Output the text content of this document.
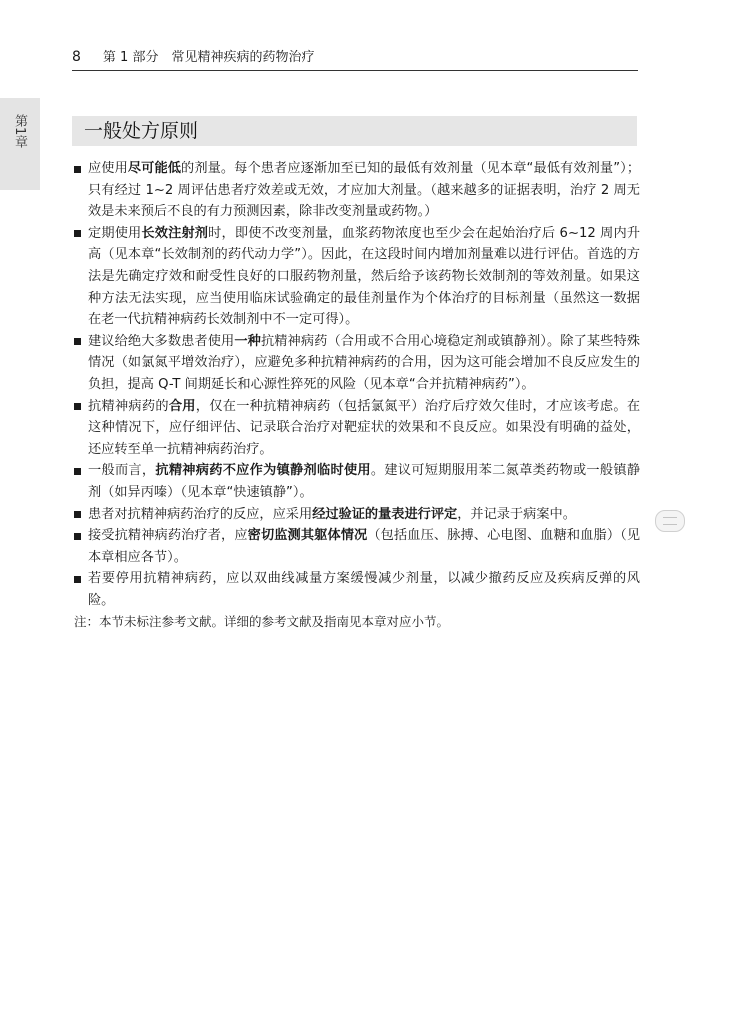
8 第 1 部分　常见精神疾病的药物治疗
第1章	一般处方原则
应使用尽可能低的剂量。每个患者应逐渐加至已知的最低有效剂量（见本章“最低有效剂量”）；只有经过 1~2 周评估患者疗效差或无效，才应加大剂量。（越来越多的证据表明，治疗 2 周无效是未来预后不良的有力预测因素，除非改变剂量或药物。）
定期使用长效注射剂时，即使不改变剂量，血浆药物浓度也至少会在起始治疗后 6~12 周内升高（见本章“长效制剂的药代动力学”）。因此，在这段时间内增加剂量难以进行评估。首选的方法是先确定疗效和耐受性良好的口服药物剂量，然后给予该药物长效制剂的等效剂量。如果这种方法无法实现，应当使用临床试验确定的最佳剂量作为个体治疗的目标剂量（虽然这一数据在老一代抗精神病药长效制剂中不一定可得）。
建议给绝大多数患者使用一种抗精神病药（合用或不合用心境稳定剂或镇静剂）。除了某些特殊情况（如氯氮平增效治疗），应避免多种抗精神病药的合用，因为这可能会增加不良反应发生的负担，提高 Q-T 间期延长和心源性猝死的风险（见本章“合并抗精神病药”）。
抗精神病药的合用，仅在一种抗精神病药（包括氯氮平）治疗后疗效欠佳时，才应该考虑。在这种情况下，应仔细评估、记录联合治疗对靶症状的效果和不良反应。如果没有明确的益处，还应转至单一抗精神病药治疗。
一般而言，抗精神病药不应作为镇静剂临时使用。建议可短期服用苯二氮䓬类药物或一般镇静剂（如异丙嗪）（见本章“快速镇静”）。
患者对抗精神病药治疗的反应，应采用经过验证的量表进行评定，并记录于病案中。
接受抗精神病药治疗者，应密切监测其躯体情况（包括血压、脉搏、心电图、血糖和血脂）（见本章相应各节）。
若要停用抗精神病药，应以双曲线减量方案缓慢减少剂量，以减少撤药反应及疾病反弹的风险。
注：本节未标注参考文献。详细的参考文献及指南见本章对应小节。
